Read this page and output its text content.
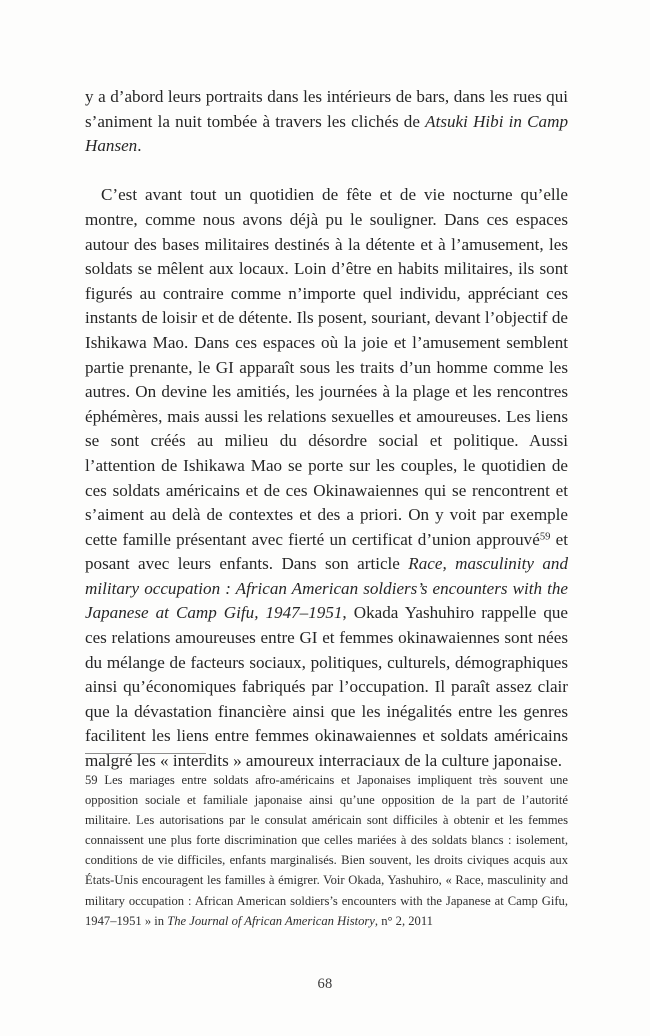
y a d’abord leurs portraits dans les intérieurs de bars, dans les rues qui s’animent la nuit tombée à travers les clichés de Atsuki Hibi in Camp Hansen.

C’est avant tout un quotidien de fête et de vie nocturne qu’elle montre, comme nous avons déjà pu le souligner. Dans ces espaces autour des bases militaires destinés à la détente et à l’amusement, les soldats se mêlent aux locaux. Loin d’être en habits militaires, ils sont figurés au contraire comme n’importe quel individu, appréciant ces instants de loisir et de détente. Ils posent, souriant, devant l’objectif de Ishikawa Mao. Dans ces espaces où la joie et l’amusement semblent partie prenante, le GI apparaît sous les traits d’un homme comme les autres. On devine les amitiés, les journées à la plage et les rencontres éphémères, mais aussi les relations sexuelles et amoureuses. Les liens se sont créés au milieu du désordre social et politique. Aussi l’attention de Ishikawa Mao se porte sur les couples, le quotidien de ces soldats américains et de ces Okinawaiennes qui se rencontrent et s’aiment au delà de contextes et des a priori. On y voit par exemple cette famille présentant avec fierté un certificat d’union approuvé$^{59}$ et posant avec leurs enfants. Dans son article Race, masculinity and military occupation : African American soldiers’s encounters with the Japanese at Camp Gifu, 1947–1951, Okada Yashuhiro rappelle que ces relations amoureuses entre GI et femmes okinawaiennes sont nées du mélange de facteurs sociaux, politiques, culturels, démographiques ainsi qu’économiques fabriqués par l’occupation. Il paraît assez clair que la dévastation financière ainsi que les inégalités entre les genres facilitent les liens entre femmes okinawaiennes et soldats américains malgré les « interdits » amoureux interraciaux de la culture japonaise.

59 Les mariages entre soldats afro-américains et Japonaises impliquent très souvent une opposition sociale et familiale japonaise ainsi qu’une opposition de la part de l’autorité militaire. Les autorisations par le consulat américain sont difficiles à obtenir et les femmes connaissent une plus forte discrimination que celles mariées à des soldats blancs : isolement, conditions de vie difficiles, enfants marginalisés. Bien souvent, les droits civiques acquis aux États-Unis encouragent les familles à émigrer. Voir Okada, Yashuhiro, « Race, masculinity and military occupation : African American soldiers’s encounters with the Japanese at Camp Gifu, 1947–1951 » in The Journal of African American History, n° 2, 2011

68
